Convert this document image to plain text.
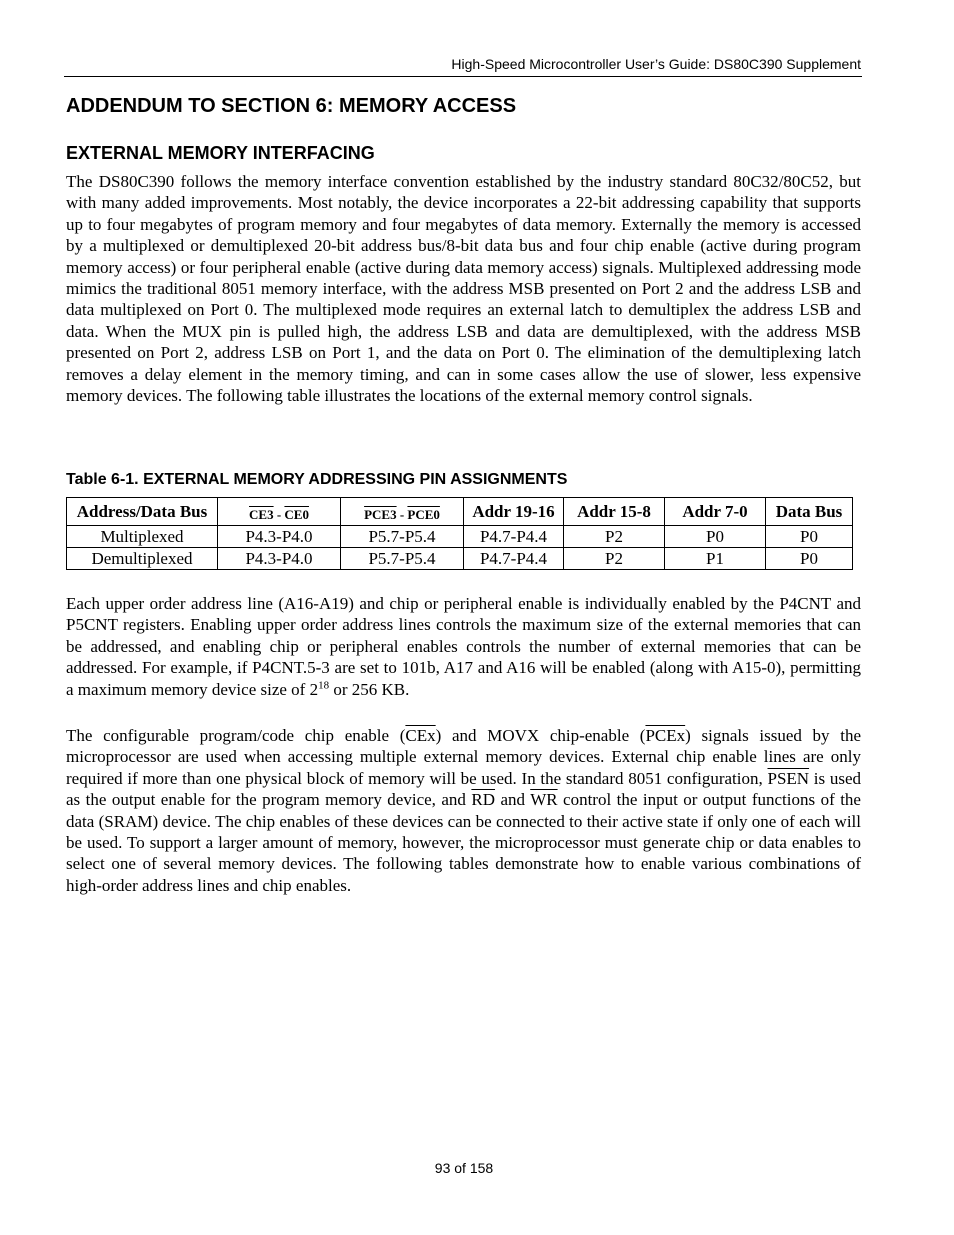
High-Speed Microcontroller User’s Guide: DS80C390 Supplement
ADDENDUM TO SECTION 6: MEMORY ACCESS
EXTERNAL MEMORY INTERFACING

The DS80C390 follows the memory interface convention established by the industry standard 80C32/80C52, but with many added improvements. Most notably, the device incorporates a 22-bit addressing capability that supports up to four megabytes of program memory and four megabytes of data memory. Externally the memory is accessed by a multiplexed or demultiplexed 20-bit address bus/8-bit data bus and four chip enable (active during program memory access) or four peripheral enable (active during data memory access) signals. Multiplexed addressing mode mimics the traditional 8051 memory interface, with the address MSB presented on Port 2 and the address LSB and data multiplexed on Port 0. The multiplexed mode requires an external latch to demultiplex the address LSB and data. When the MUX pin is pulled high, the address LSB and data are demultiplexed, with the address MSB presented on Port 2, address LSB on Port 1, and the data on Port 0. The elimination of the demultiplexing latch removes a delay element in the memory timing, and can in some cases allow the use of slower, less expensive memory devices. The following table illustrates the locations of the external memory control signals.

Table 6-1. EXTERNAL MEMORY ADDRESSING PIN ASSIGNMENTS
Address/Data Bus	CE3 - CE0	PCE3 - PCE0	Addr 19-16	Addr 15-8	Addr 7-0	Data Bus
Multiplexed	P4.3-P4.0	P5.7-P5.4	P4.7-P4.4	P2	P0	P0
Demultiplexed	P4.3-P4.0	P5.7-P5.4	P4.7-P4.4	P2	P1	P0

Each upper order address line (A16-A19) and chip or peripheral enable is individually enabled by the P4CNT and P5CNT registers. Enabling upper order address lines controls the maximum size of the external memories that can be addressed, and enabling chip or peripheral enables controls the number of external memories that can be addressed. For example, if P4CNT.5-3 are set to 101b, A17 and A16 will be enabled (along with A15-0), permitting a maximum memory device size of $2^{18}$ or 256 KB.

The configurable program/code chip enable $(\overline{CEx})$ and MOVX chip-enable (PCEx) signals issued by the microprocessor are used when accessing multiple external memory devices. External chip enable lines are only required if more than one physical block of memory will be used. In the standard 8051 configuration, PSEN is used as the output enable for the program memory device, and $\overline{RD}$ and $\overline{WR}$ control the input or output functions of the data (SRAM) device. The chip enables of these devices can be connected to their active state if only one of each will be used. To support a larger amount of memory, however, the microprocessor must generate chip or data enables to select one of several memory devices. The following tables demonstrate how to enable various combinations of high-order address lines and chip enables.

93 of 158
